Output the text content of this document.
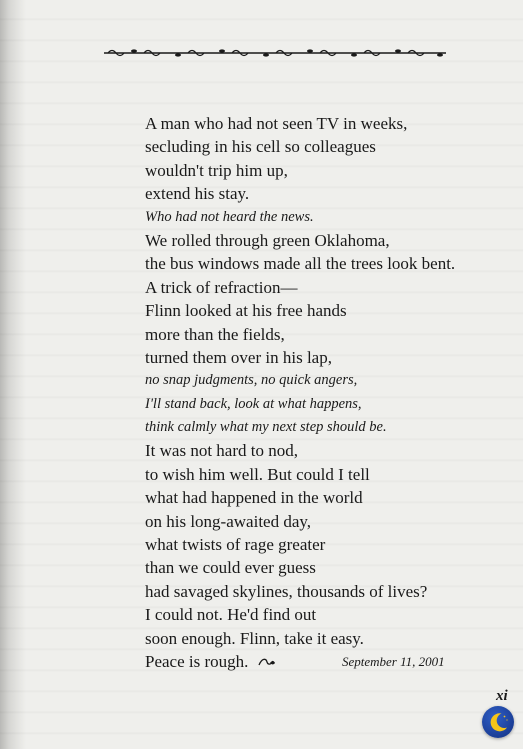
A man who had not seen TV in weeks,
secluding in his cell so colleagues
wouldn't trip him up,
extend his stay.
Who had not heard the news.
We rolled through green Oklahoma,
the bus windows made all the trees look bent.
A trick of refraction—
Flinn looked at his free hands
more than the fields,
turned them over in his lap,
no snap judgments, no quick angers,
I'll stand back, look at what happens,
think calmly what my next step should be.
It was not hard to nod,
to wish him well. But could I tell
what had happened in the world
on his long-awaited day,
what twists of rage greater
than we could ever guess
had savaged skylines, thousands of lives?
I could not. He'd find out
soon enough. Flinn, take it easy.
Peace is rough.	September 11, 2001
xi
